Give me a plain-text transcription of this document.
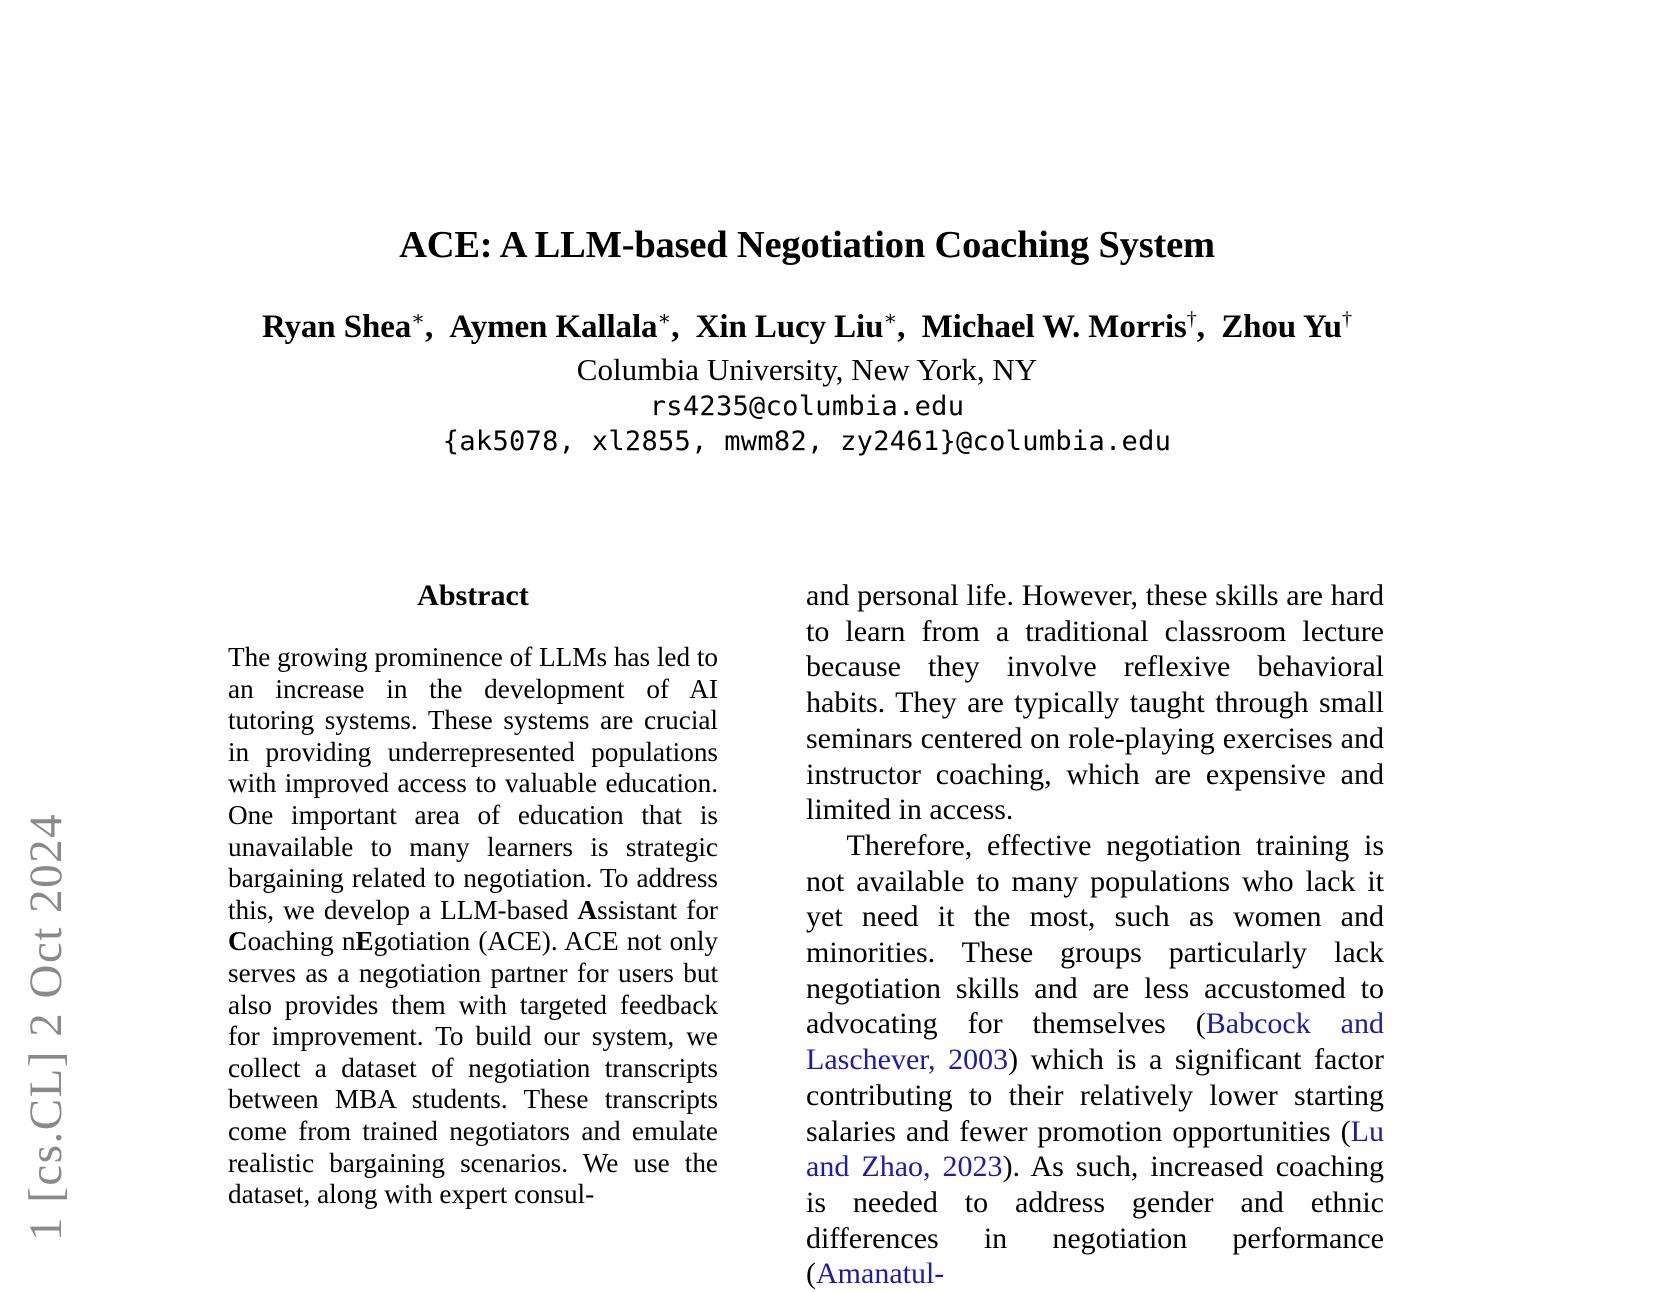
1 [cs.CL] 2 Oct 2024
ACE: A LLM-based Negotiation Coaching System
Ryan Shea∗,  Aymen Kallala∗,  Xin Lucy Liu∗,  Michael W. Morris†,  Zhou Yu†
Columbia University, New York, NY
rs4235@columbia.edu
{ak5078, xl2855, mwm82, zy2461}@columbia.edu
Abstract

The growing prominence of LLMs has led to an increase in the development of AI tutoring systems. These systems are crucial in providing underrepresented populations with improved access to valuable education. One important area of education that is unavailable to many learners is strategic bargaining related to negotiation. To address this, we develop a LLM-based Assistant for Coaching nEgotiation (ACE). ACE not only serves as a negotiation partner for users but also provides them with targeted feedback for improvement. To build our system, we collect a dataset of negotiation transcripts between MBA students. These transcripts come from trained negotiators and emulate realistic bargaining scenarios. We use the dataset, along with expert consul-

and personal life. However, these skills are hard to learn from a traditional classroom lecture because they involve reflexive behavioral habits. They are typically taught through small seminars centered on role-playing exercises and instructor coaching, which are expensive and limited in access.

Therefore, effective negotiation training is not available to many populations who lack it yet need it the most, such as women and minorities. These groups particularly lack negotiation skills and are less accustomed to advocating for themselves (Babcock and Laschever, 2003) which is a significant factor contributing to their relatively lower starting salaries and fewer promotion opportunities (Lu and Zhao, 2023). As such, increased coaching is needed to address gender and ethnic differences in negotiation performance (Amanatul-
